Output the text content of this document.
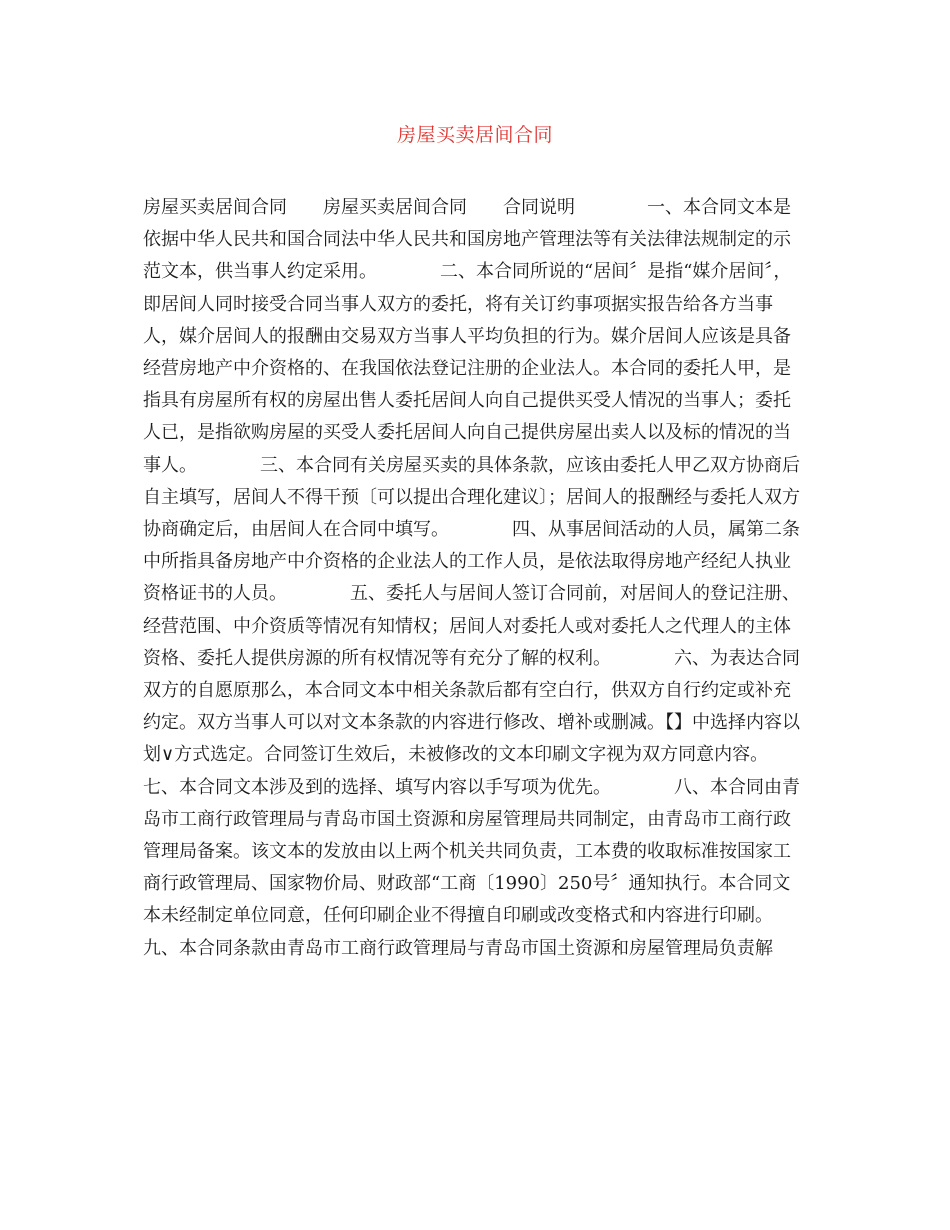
房屋买卖居间合同
房屋买卖居间合同　　房屋买卖居间合同　　合同说明　　　　一、本合同文本是依据中华人民共和国合同法中华人民共和国房地产管理法等有关法律法规制定的示范文本，供当事人约定采用。　　　　二、本合同所说的“居间〞是指“媒介居间〞，即居间人同时接受合同当事人双方的委托，将有关订约事项据实报告给各方当事人，媒介居间人的报酬由交易双方当事人平均负担的行为。媒介居间人应该是具备经营房地产中介资格的、在我国依法登记注册的企业法人。本合同的委托人甲，是指具有房屋所有权的房屋出售人委托居间人向自己提供买受人情况的当事人；委托人已，是指欲购房屋的买受人委托居间人向自己提供房屋出卖人以及标的情况的当事人。　　　　三、本合同有关房屋买卖的具体条款，应该由委托人甲乙双方协商后自主填写，居间人不得干预〔可以提出合理化建议〕；居间人的报酬经与委托人双方协商确定后，由居间人在合同中填写。　　　　四、从事居间活动的人员，属第二条中所指具备房地产中介资格的企业法人的工作人员，是依法取得房地产经纪人执业资格证书的人员。　　　　五、委托人与居间人签订合同前，对居间人的登记注册、经营范围、中介资质等情况有知情权；居间人对委托人或对委托人之代理人的主体资格、委托人提供房源的所有权情况等有充分了解的权利。　　　　六、为表达合同双方的自愿原那么，本合同文本中相关条款后都有空白行，供双方自行约定或补充约定。双方当事人可以对文本条款的内容进行修改、增补或删减。【】中选择内容以划∨方式选定。合同签订生效后，未被修改的文本印刷文字视为双方同意内容。　　　　七、本合同文本涉及到的选择、填写内容以手写项为优先。　　　　八、本合同由青岛市工商行政管理局与青岛市国土资源和房屋管理局共同制定，由青岛市工商行政管理局备案。该文本的发放由以上两个机关共同负责，工本费的收取标准按国家工商行政管理局、国家物价局、财政部“工商〔1990〕250号〞通知执行。本合同文本未经制定单位同意，任何印刷企业不得擅自印刷或改变格式和内容进行印刷。
九、本合同条款由青岛市工商行政管理局与青岛市国土资源和房屋管理局负责解
